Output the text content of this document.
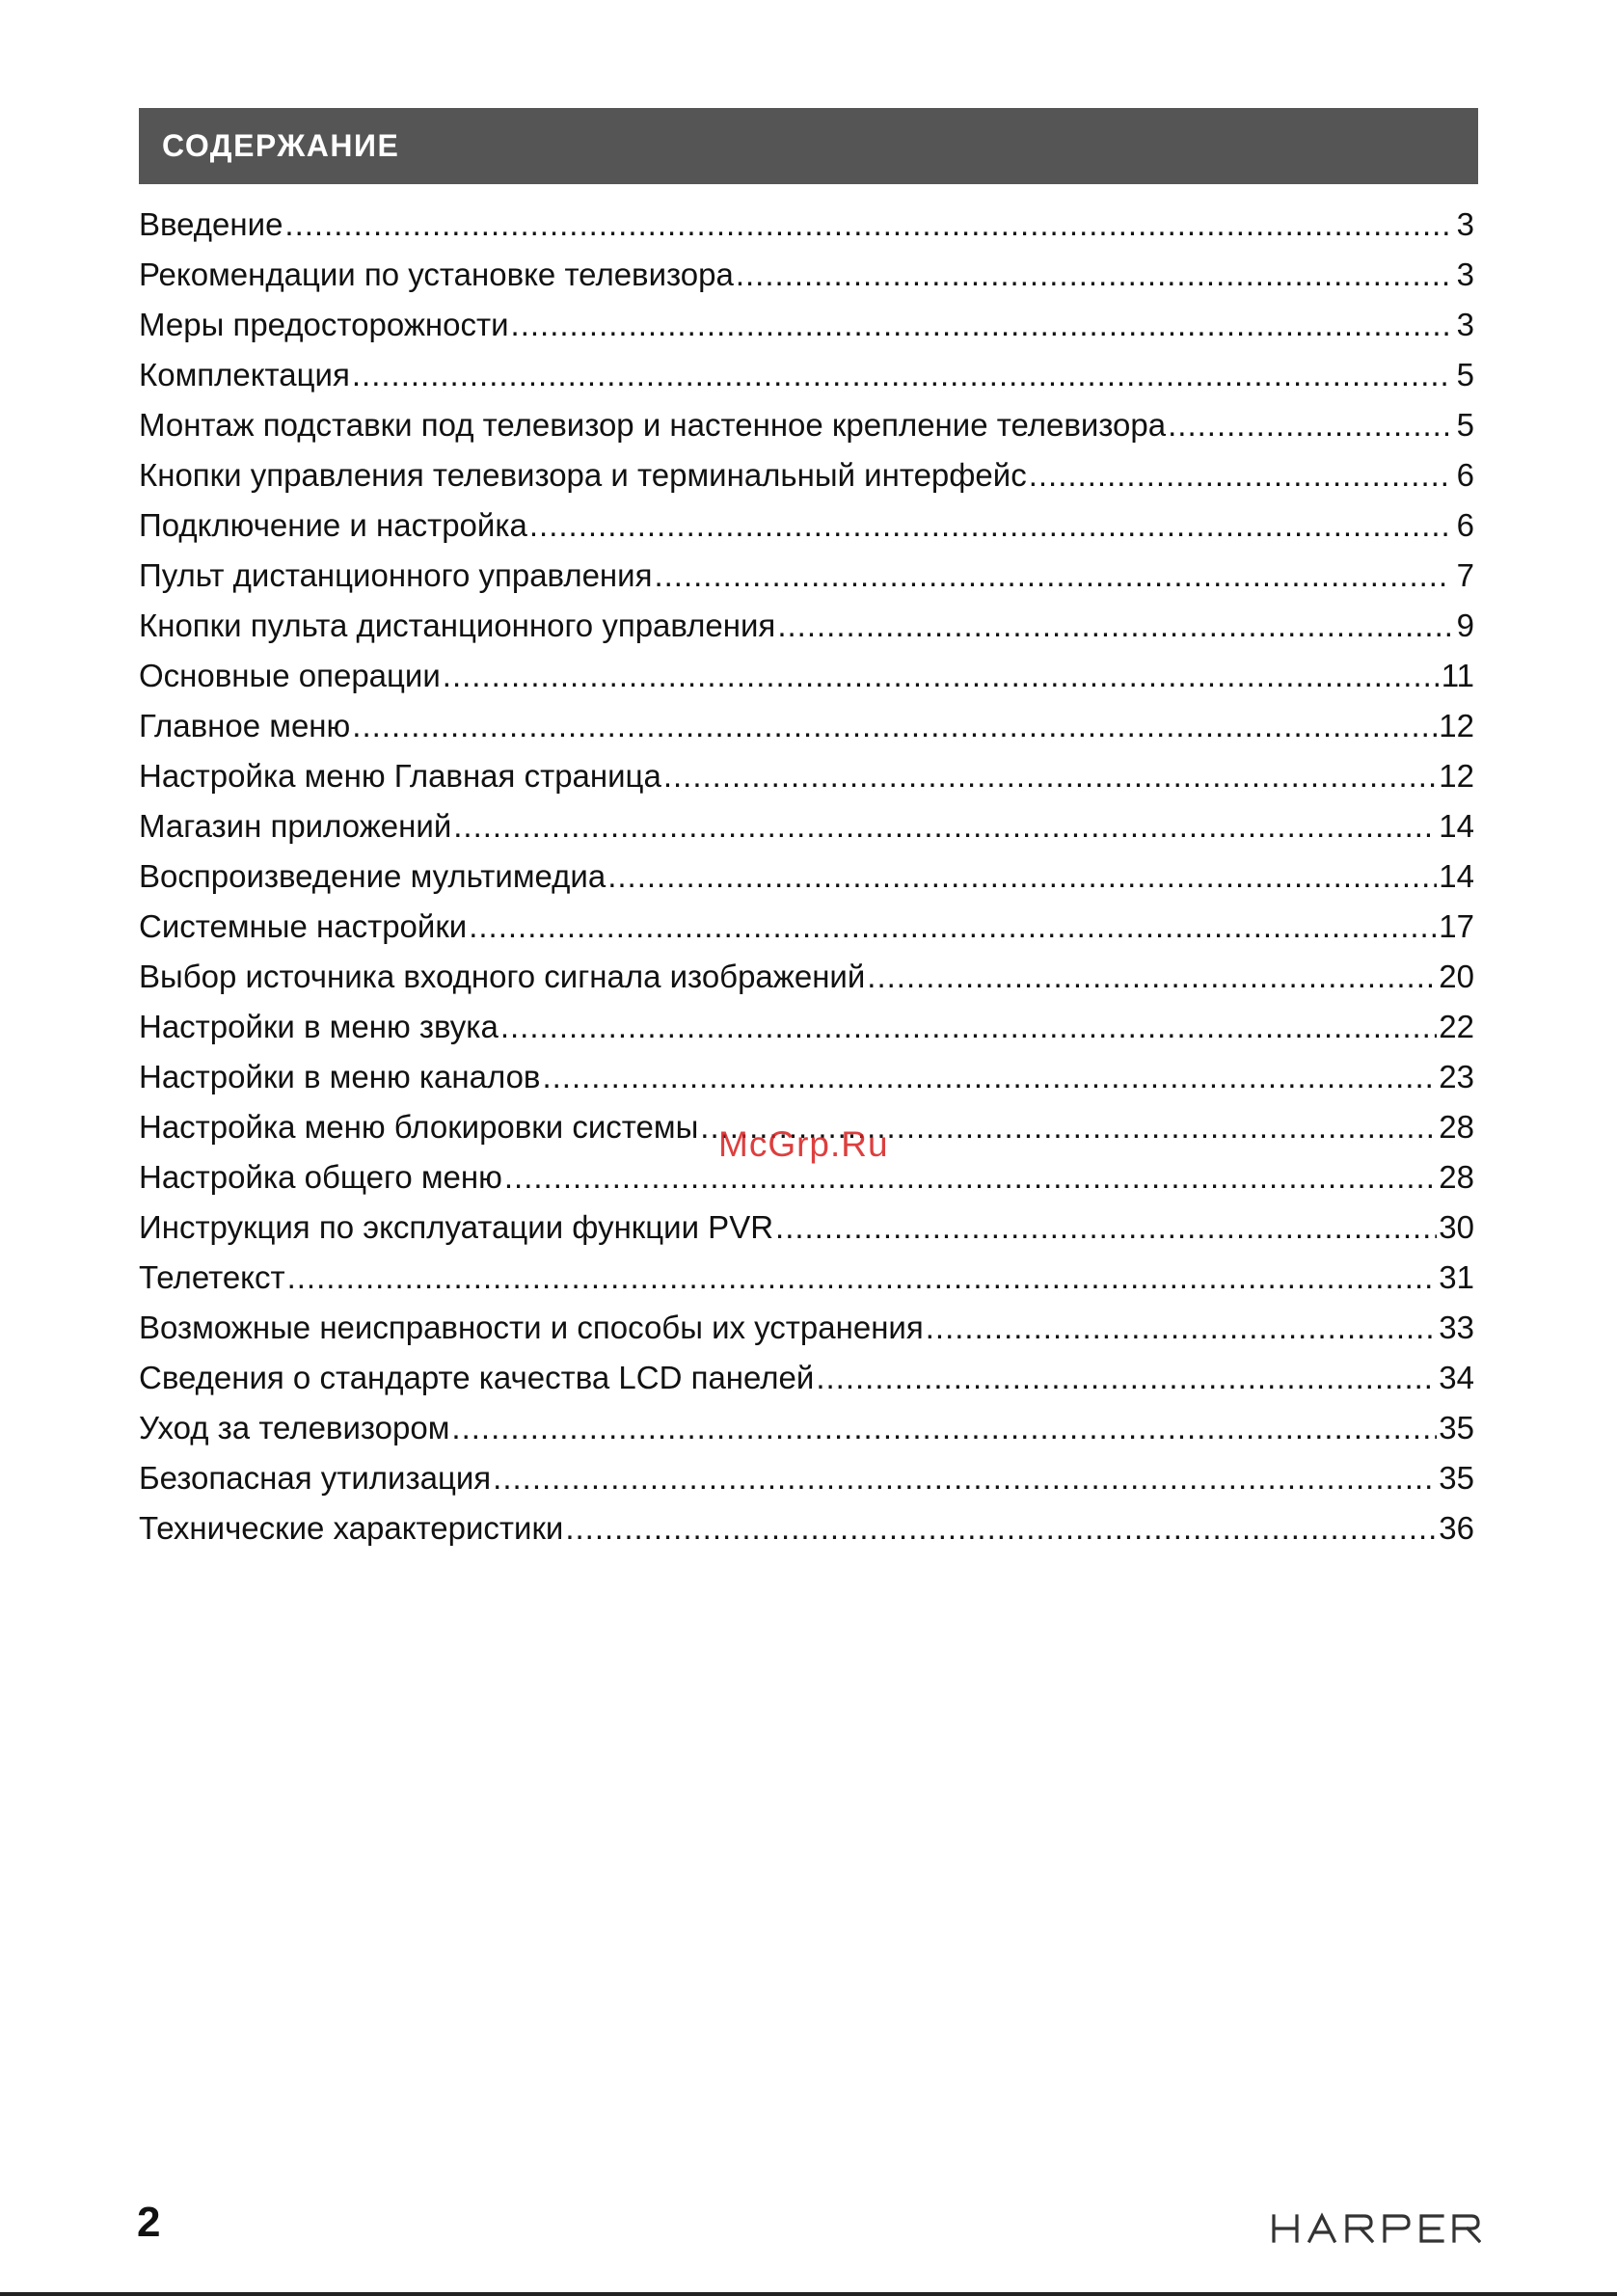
СОДЕРЖАНИЕ
Введение .....	3
Рекомендации по установке телевизора .....	3
Меры предосторожности .....	3
Комплектация .....	5
Монтаж подставки под телевизор и настенное крепление телевизора .....	5
Кнопки управления телевизора и терминальный интерфейс .....	6
Подключение и настройка .....	6
Пульт дистанционного управления .....	7
Кнопки пульта дистанционного управления .....	9
Основные операции .....	11
Главное меню .....	12
Настройка меню Главная страница .....	12
Магазин приложений .....	14
Воспроизведение мультимедиа .....	14
Системные настройки .....	17
Выбор источника входного сигнала изображений .....	20
Настройки в меню звука .....	22
Настройки в меню каналов .....	23
Настройка меню блокировки системы .....	28
Настройка общего меню .....	28
Инструкция по эксплуатации функции PVR .....	30
Телетекст .....	31
Возможные неисправности и способы их устранения .....	33
Сведения о стандарте качества LCD панелей .....	34
Уход за телевизором .....	35
Безопасная утилизация .....	35
Технические характеристики .....	36
McGrp.Ru
2
